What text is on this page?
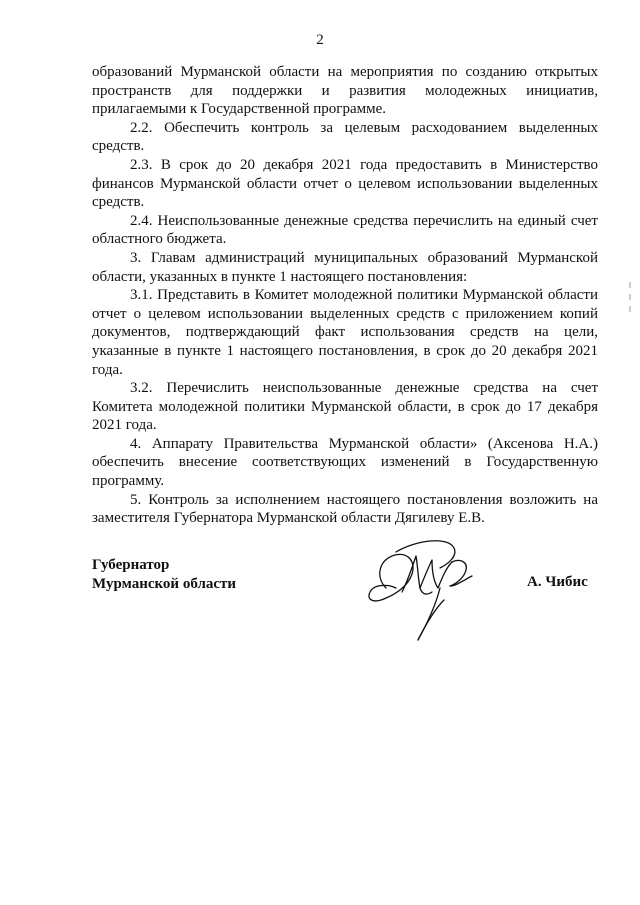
2

образований Мурманской области на мероприятия по созданию открытых пространств для поддержки и развития молодежных инициатив, прилагаемыми к Государственной программе.

2.2. Обеспечить контроль за целевым расходованием выделенных средств.

2.3. В срок до 20 декабря 2021 года предоставить в Министерство финансов Мурманской области отчет о целевом использовании выделенных средств.

2.4. Неиспользованные денежные средства перечислить на единый счет областного бюджета.

3. Главам администраций муниципальных образований Мурманской области, указанных в пункте 1 настоящего постановления:

3.1. Представить в Комитет молодежной политики Мурманской области отчет о целевом использовании выделенных средств с приложением копий документов, подтверждающий факт использования средств на цели, указанные в пункте 1 настоящего постановления, в срок до 20 декабря 2021 года.

3.2. Перечислить неиспользованные денежные средства на счет Комитета молодежной политики Мурманской области, в срок до 17 декабря 2021 года.

4. Аппарату Правительства Мурманской области» (Аксенова Н.А.) обеспечить внесение соответствующих изменений в Государственную программу.

5. Контроль за исполнением настоящего постановления возложить на заместителя Губернатора Мурманской области Дягилеву Е.В.

Губернатор
Мурманской области	А. Чибис
